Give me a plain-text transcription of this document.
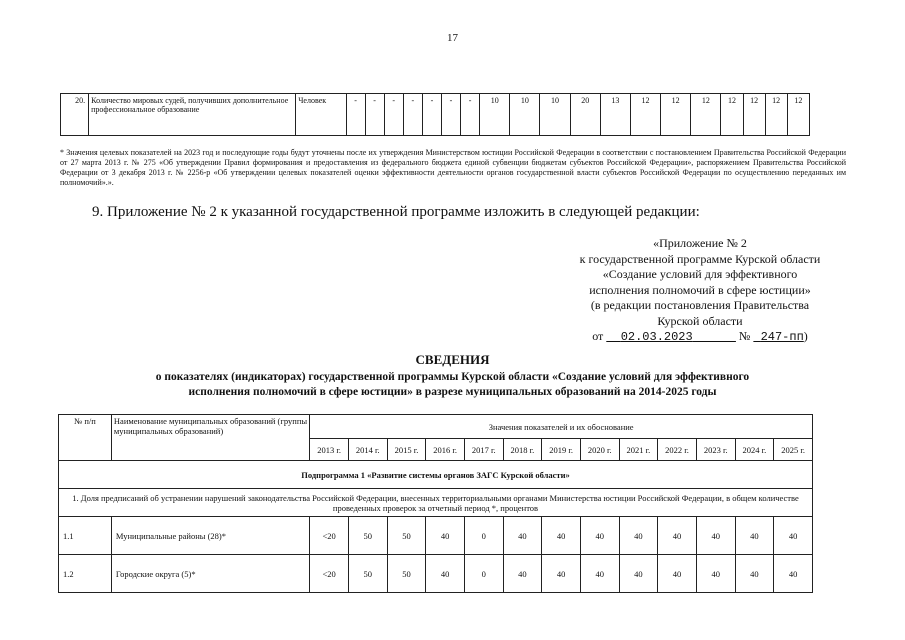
17
20.	Количество мировых судей, получивших дополнительное профессиональное образование	Человек	-	-	-	-	-	-	-	10	10	10	20	13	12	12	12	12	12	12	12

* Значения целевых показателей на 2023 год и последующие годы будут уточнены после их утверждения Министерством юстиции Российской Федерации в соответствии с постановлением Правительства Российской Федерации от 27 марта 2013 г. № 275 «Об утверждении Правил формирования и предоставления из федерального бюджета единой субвенции бюджетам субъектов Российской Федерации», распоряжением Правительства Российской Федерации от 3 декабря 2013 г. № 2256-р «Об утверждении целевых показателей оценки эффективности деятельности органов государственной власти субъектов Российской Федерации по осуществлению переданных им полномочий».».

9. Приложение № 2 к указанной государственной программе изложить в следующей редакции:

«Приложение № 2
к государственной программе Курской области
«Создание условий для эффективного
исполнения полномочий в сфере юстиции»
(в редакции постановления Правительства
Курской области
от 02.03.2023	№ 247-пп)
СВЕДЕНИЯ
о показателях (индикаторах) государственной программы Курской области «Создание условий для эффективного
исполнения полномочий в сфере юстиции» в разрезе муниципальных образований на 2014-2025 годы
№ п/п	Наименование муниципальных образований (группы муниципальных образований)	Значения показателей и их обоснование												
		2013 г.	2014 г.	2015 г.	2016 г.	2017 г.	2018 г.	2019 г.	2020 г.	2021 г.	2022 г.	2023 г.	2024 г.	2025 г.
Подпрограмма 1 «Развитие системы органов ЗАГС Курской области»														
1. Доля предписаний об устранении нарушений законодательства Российской Федерации, внесенных территориальными органами Министерства юстиции Российской Федерации, в общем количестве проведенных проверок за отчетный период *, процентов														
1.1	Муниципальные районы (28)*	<20	50	50	40	0	40	40	40	40	40	40	40	40
1.2	Городские округа (5)*	<20	50	50	40	0	40	40	40	40	40	40	40	40
